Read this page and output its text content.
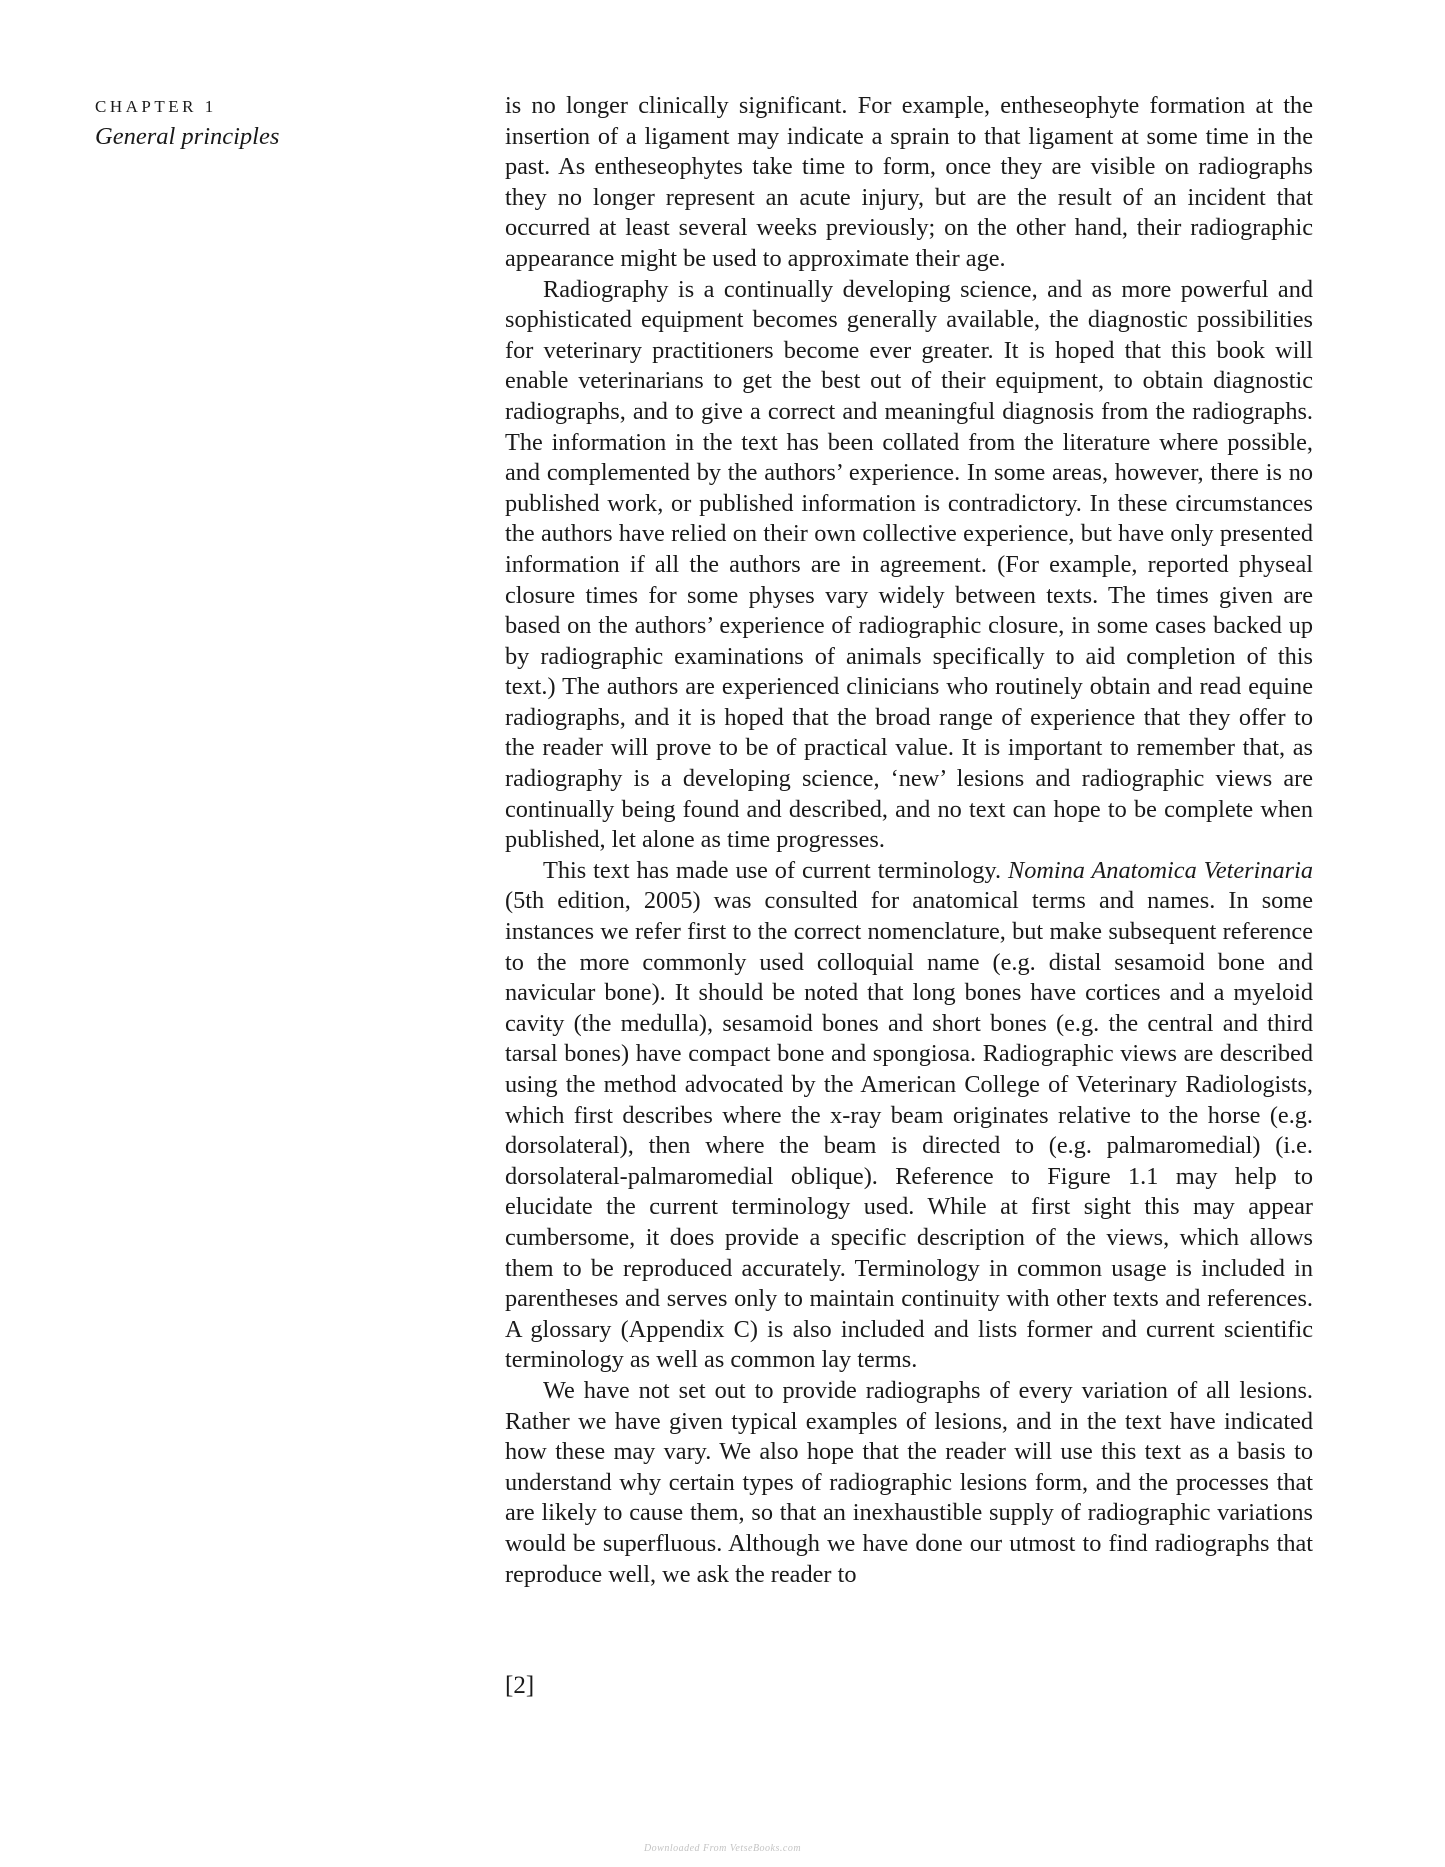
CHAPTER 1
General principles

is no longer clinically significant. For example, entheseophyte formation at the insertion of a ligament may indicate a sprain to that ligament at some time in the past. As entheseophytes take time to form, once they are visible on radiographs they no longer represent an acute injury, but are the result of an incident that occurred at least several weeks previously; on the other hand, their radiographic appearance might be used to approximate their age.

Radiography is a continually developing science, and as more powerful and sophisticated equipment becomes generally available, the diagnostic possibilities for veterinary practitioners become ever greater. It is hoped that this book will enable veterinarians to get the best out of their equipment, to obtain diagnostic radiographs, and to give a correct and meaningful diagnosis from the radiographs. The information in the text has been collated from the literature where possible, and complemented by the authors’ experience. In some areas, however, there is no published work, or published information is contradictory. In these circumstances the authors have relied on their own collective experience, but have only presented information if all the authors are in agreement. (For example, reported physeal closure times for some physes vary widely between texts. The times given are based on the authors’ experience of radiographic closure, in some cases backed up by radiographic examinations of animals specifically to aid completion of this text.) The authors are experienced clinicians who routinely obtain and read equine radiographs, and it is hoped that the broad range of experience that they offer to the reader will prove to be of practical value. It is important to remember that, as radiography is a developing science, ‘new’ lesions and radiographic views are continually being found and described, and no text can hope to be complete when published, let alone as time progresses.

This text has made use of current terminology. Nomina Anatomica Veterinaria (5th edition, 2005) was consulted for anatomical terms and names. In some instances we refer first to the correct nomenclature, but make subsequent reference to the more commonly used colloquial name (e.g. distal sesamoid bone and navicular bone). It should be noted that long bones have cortices and a myeloid cavity (the medulla), sesamoid bones and short bones (e.g. the central and third tarsal bones) have compact bone and spongiosa. Radiographic views are described using the method advocated by the American College of Veterinary Radiologists, which first describes where the x-ray beam originates relative to the horse (e.g. dorsolateral), then where the beam is directed to (e.g. palmaromedial) (i.e. dorsolateral-palmaromedial oblique). Reference to Figure 1.1 may help to elucidate the current terminology used. While at first sight this may appear cumbersome, it does provide a specific description of the views, which allows them to be reproduced accurately. Terminology in common usage is included in parentheses and serves only to maintain continuity with other texts and references. A glossary (Appendix C) is also included and lists former and current scientific terminology as well as common lay terms.

We have not set out to provide radiographs of every variation of all lesions. Rather we have given typical examples of lesions, and in the text have indicated how these may vary. We also hope that the reader will use this text as a basis to understand why certain types of radiographic lesions form, and the processes that are likely to cause them, so that an inexhaustible supply of radiographic variations would be superfluous. Although we have done our utmost to find radiographs that reproduce well, we ask the reader to

[2]
Downloaded From VetseBooks.com
